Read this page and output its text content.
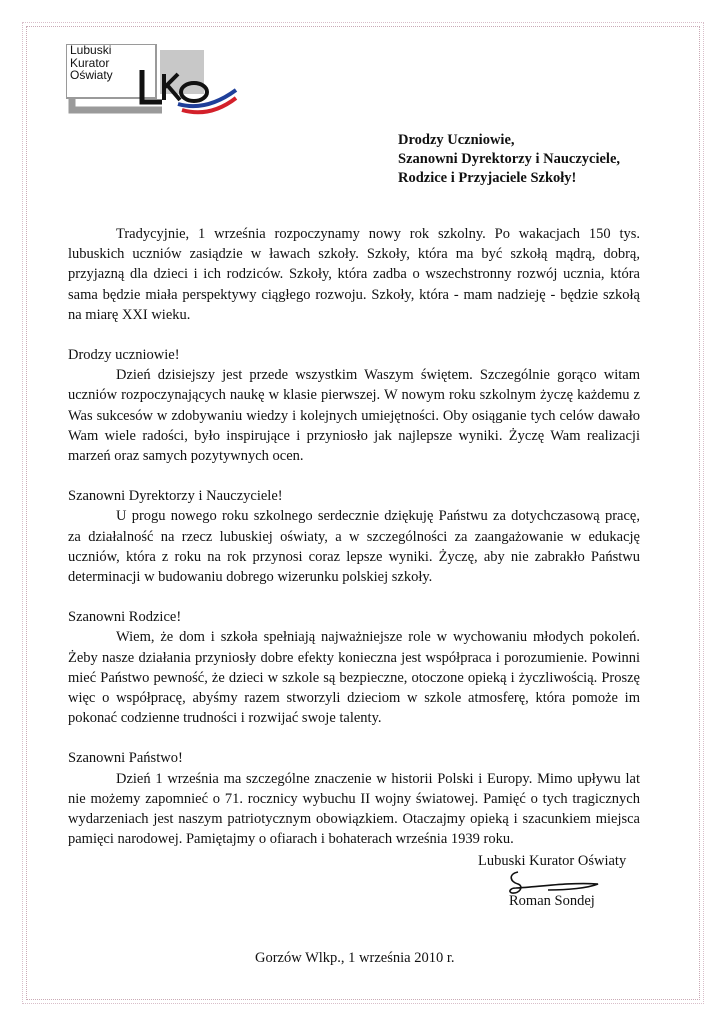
Lubuski
Kurator
Oświaty
Drodzy Uczniowie,
Szanowni Dyrektorzy i Nauczyciele,
Rodzice i Przyjaciele Szkoły!

Tradycyjnie, 1 września rozpoczynamy nowy rok szkolny. Po wakacjach 150 tys. lubuskich uczniów zasiądzie w ławach szkoły. Szkoły, która ma być szkołą mądrą, dobrą, przyjazną dla dzieci i ich rodziców. Szkoły, która zadba o wszechstronny rozwój ucznia, która sama będzie miała perspektywy ciągłego rozwoju. Szkoły, która - mam nadzieję - będzie szkołą na miarę XXI wieku.

Drodzy uczniowie!

Dzień dzisiejszy jest przede wszystkim Waszym świętem. Szczególnie gorąco witam uczniów rozpoczynających naukę w klasie pierwszej. W nowym roku szkolnym życzę każdemu z Was sukcesów w zdobywaniu wiedzy i kolejnych umiejętności. Oby osiąganie tych celów dawało Wam wiele radości, było inspirujące i przyniosło jak najlepsze wyniki. Życzę Wam realizacji marzeń oraz samych pozytywnych ocen.

Szanowni Dyrektorzy i Nauczyciele!

U progu nowego roku szkolnego serdecznie dziękuję Państwu za dotychczasową pracę, za działalność na rzecz lubuskiej oświaty, a w szczególności za zaangażowanie w edukację uczniów, która z roku na rok przynosi coraz lepsze wyniki. Życzę, aby nie zabrakło Państwu determinacji w budowaniu dobrego wizerunku polskiej szkoły.

Szanowni Rodzice!

Wiem, że dom i szkoła spełniają najważniejsze role w wychowaniu młodych pokoleń. Żeby nasze działania przyniosły dobre efekty konieczna jest współpraca i porozumienie. Powinni mieć Państwo pewność, że dzieci w szkole są bezpieczne, otoczone opieką i życzliwością. Proszę więc o współpracę, abyśmy razem stworzyli dzieciom w szkole atmosferę, która pomoże im pokonać codzienne trudności i rozwijać swoje talenty.

Szanowni Państwo!

Dzień 1 września ma szczególne znaczenie w historii Polski i Europy. Mimo upływu lat nie możemy zapomnieć o 71. rocznicy wybuchu II wojny światowej. Pamięć o tych tragicznych wydarzeniach jest naszym patriotycznym obowiązkiem. Otaczajmy opieką i szacunkiem miejsca pamięci narodowej. Pamiętajmy o ofiarach i bohaterach września 1939 roku.

Lubuski Kurator Oświaty
Roman Sondej
Gorzów Wlkp., 1 września 2010 r.
